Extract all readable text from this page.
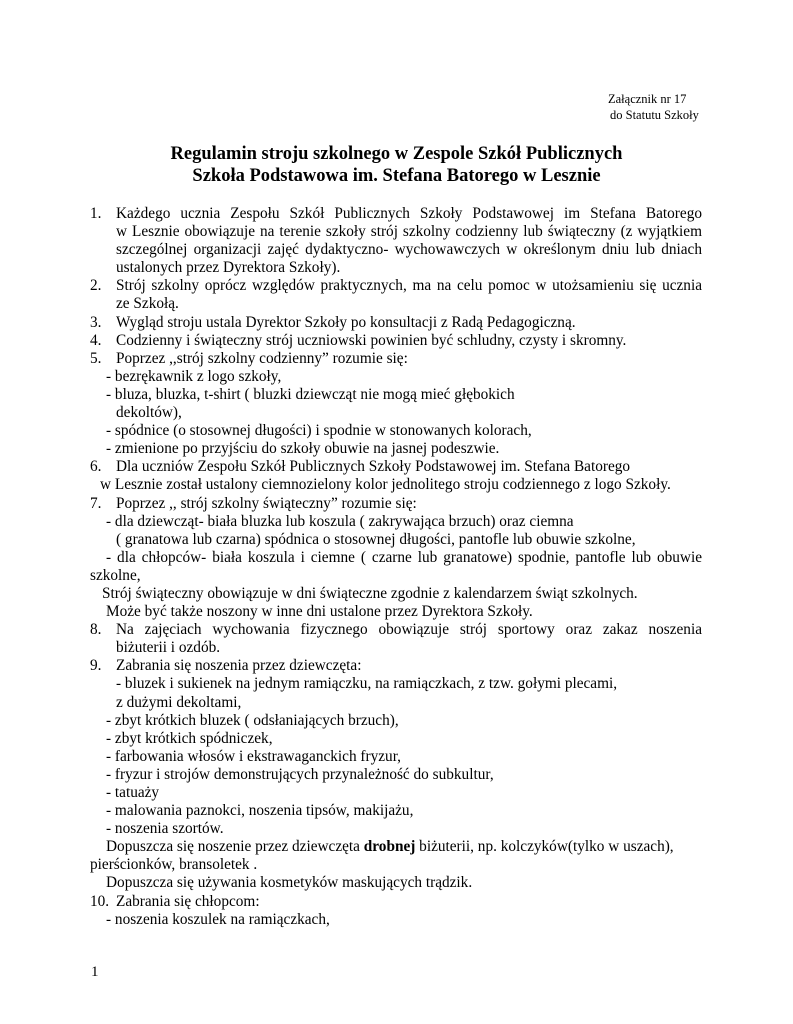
Załącznik nr 17
do Statutu Szkoły
Regulamin stroju szkolnego w Zespole Szkół Publicznych
Szkoła Podstawowa im. Stefana Batorego w Lesznie
1. Każdego ucznia Zespołu Szkół Publicznych Szkoły Podstawowej im Stefana Batorego
w Lesznie obowiązuje na terenie szkoły strój szkolny codzienny lub świąteczny (z wyjątkiem
szczególnej organizacji zajęć dydaktyczno- wychowawczych w określonym dniu lub dniach
ustalonych przez Dyrektora Szkoły).
2. Strój szkolny oprócz względów praktycznych, ma na celu pomoc w utożsamieniu się ucznia
ze Szkołą.
3. Wygląd stroju ustala Dyrektor Szkoły po konsultacji z Radą Pedagogiczną.
4. Codzienny i świąteczny strój uczniowski powinien być schludny, czysty i skromny.
5. Poprzez ,,strój szkolny codzienny” rozumie się:
- bezrękawnik z logo szkoły,
- bluza, bluzka, t-shirt ( bluzki dziewcząt nie mogą mieć głębokich
dekoltów),
- spódnice (o stosownej długości) i spodnie w stonowanych kolorach,
- zmienione po przyjściu do szkoły obuwie na jasnej podeszwie.
6. Dla uczniów Zespołu Szkół Publicznych Szkoły Podstawowej im. Stefana Batorego
w Lesznie został ustalony ciemnozielony kolor jednolitego stroju codziennego z logo Szkoły.
7. Poprzez ,, strój szkolny świąteczny” rozumie się:
- dla dziewcząt- biała bluzka lub koszula ( zakrywająca brzuch) oraz ciemna
( granatowa lub czarna) spódnica o stosownej długości, pantofle lub obuwie szkolne,
- dla chłopców- biała koszula i ciemne ( czarne lub granatowe) spodnie, pantofle lub obuwie
szkolne,
Strój świąteczny obowiązuje w dni świąteczne zgodnie z kalendarzem świąt szkolnych.
Może być także noszony w inne dni ustalone przez Dyrektora Szkoły.
8. Na zajęciach wychowania fizycznego obowiązuje strój sportowy oraz zakaz noszenia
biżuterii i ozdób.
9. Zabrania się noszenia przez dziewczęta:
- bluzek i sukienek na jednym ramiączku, na ramiączkach, z tzw. gołymi plecami,
z dużymi dekoltami,
- zbyt krótkich bluzek ( odsłaniających brzuch),
- zbyt krótkich spódniczek,
- farbowania włosów i ekstrawaganckich fryzur,
- fryzur i strojów demonstrujących przynależność do subkultur,
- tatuaży
- malowania paznokci, noszenia tipsów, makijażu,
- noszenia szortów.
Dopuszcza się noszenie przez dziewczęta drobnej biżuterii, np. kolczyków(tylko w uszach),
pierścionków, bransoletek .
Dopuszcza się używania kosmetyków maskujących trądzik.
10. Zabrania się chłopcom:
- noszenia koszulek na ramiączkach,
1
